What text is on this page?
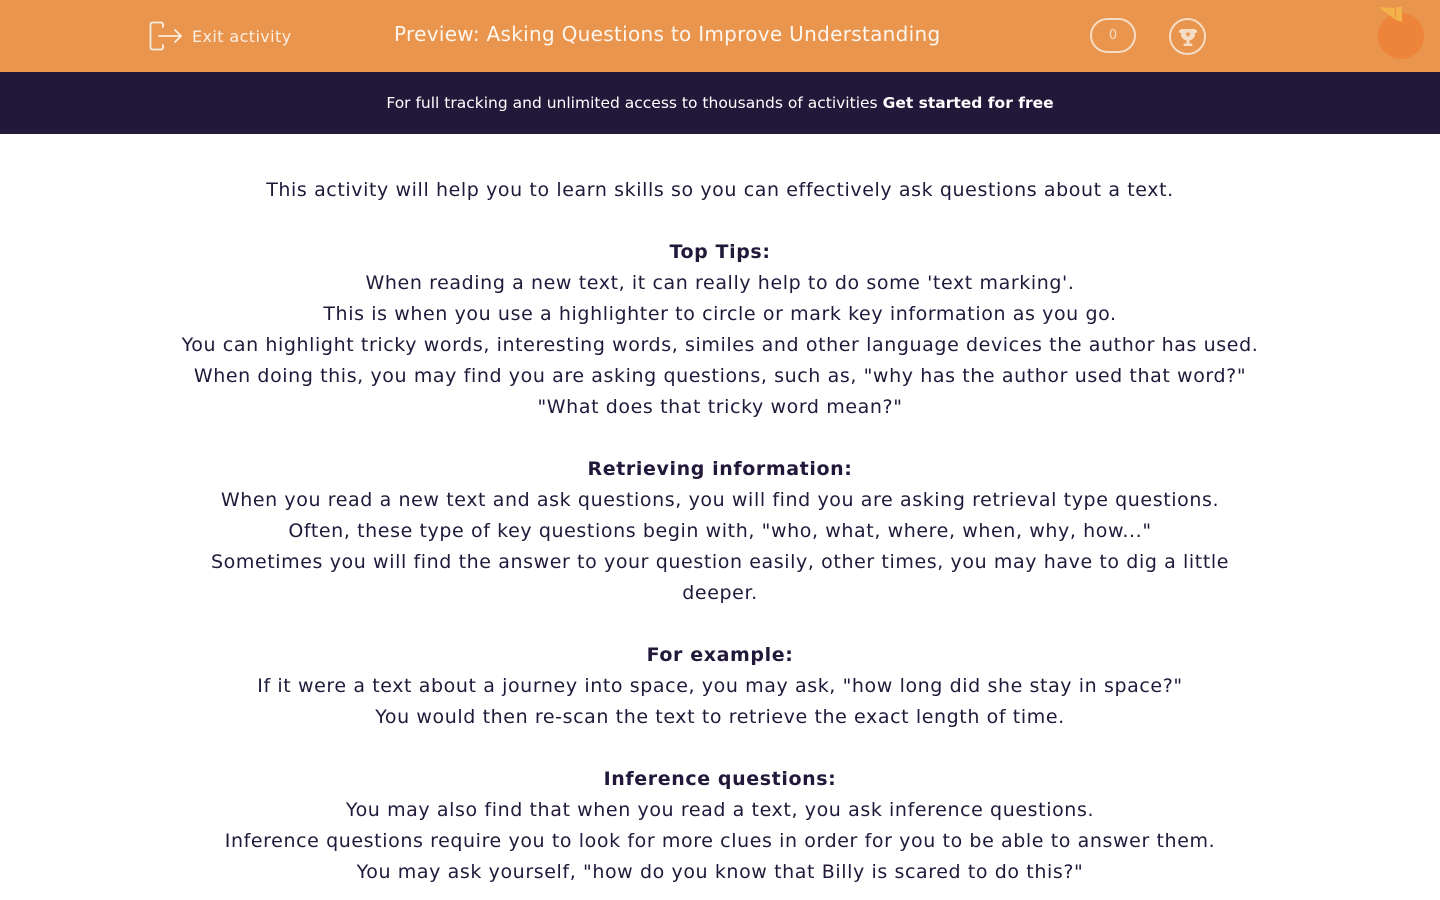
Exit activity	Preview: Asking Questions to Improve Understanding	0
For full tracking and unlimited access to thousands of activities Get started for free

This activity will help you to learn skills so you can effectively ask questions about a text.

Top Tips:

When reading a new text, it can really help to do some 'text marking'.

This is when you use a highlighter to circle or mark key information as you go.

You can highlight tricky words, interesting words, similes and other language devices the author has used.

When doing this, you may find you are asking questions, such as, "why has the author used that word?" "What does that tricky word mean?"

Retrieving information:

When you read a new text and ask questions, you will find you are asking retrieval type questions.

Often, these type of key questions begin with, "who, what, where, when, why, how..."

Sometimes you will find the answer to your question easily, other times, you may have to dig a little deeper.

For example:

If it were a text about a journey into space, you may ask, "how long did she stay in space?"

You would then re-scan the text to retrieve the exact length of time.

Inference questions:

You may also find that when you read a text, you ask inference questions.

Inference questions require you to look for more clues in order for you to be able to answer them.

You may ask yourself, "how do you know that Billy is scared to do this?"
